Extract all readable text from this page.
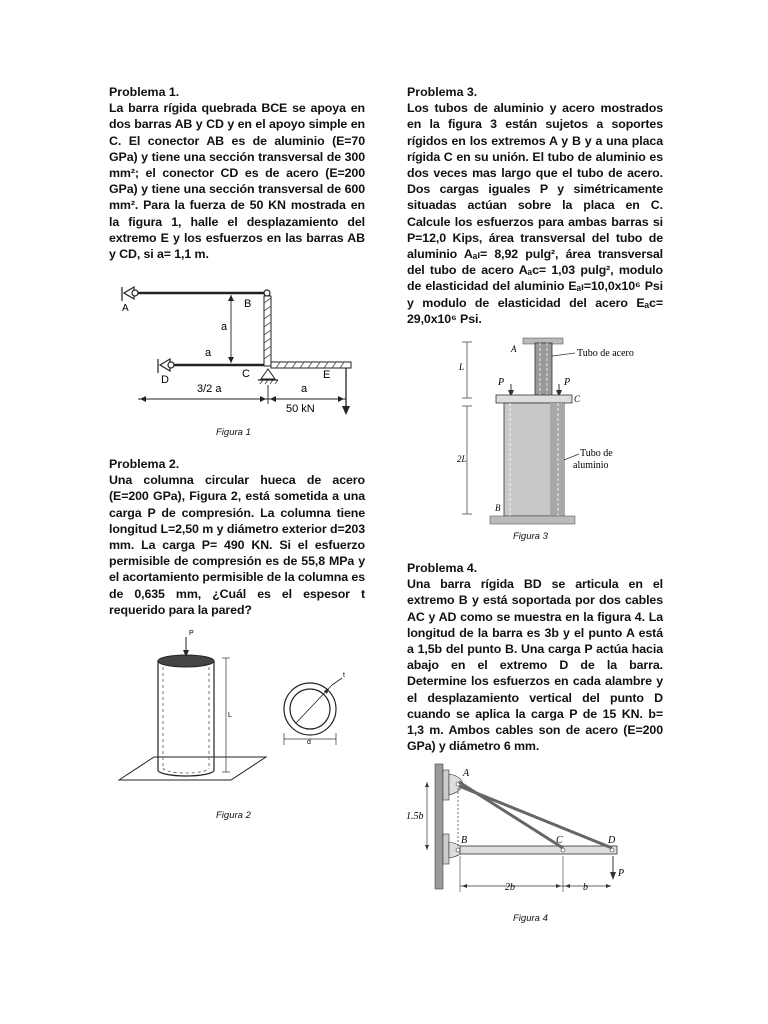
Problema 1.

La barra rígida quebrada BCE se apoya en dos barras AB y CD y en el apoyo simple en C. El conector AB es de aluminio (E=70 GPa) y tiene una sección transversal de 300 mm²; el conector CD es de acero (E=200 GPa) y tiene una sección transversal de 600 mm². Para la fuerza de 50 KN mostrada en la figura 1, halle el desplazamiento del extremo E y los esfuerzos en las barras AB y CD, si a= 1,1 m.

A	B
E
a
a
D	C
3/2 a	a
50 kN
Figura 1

Problema 2.

Una columna circular hueca de acero (E=200 GPa), Figura 2, está sometida a una carga P de compresión. La columna tiene longitud L=2,50 m y diámetro exterior d=203 mm. La carga P= 490 KN. Si el esfuerzo permisible de compresión es de 55,8 MPa y el acortamiento permisible de la columna es de 0,635 mm, ¿Cuál es el espesor t requerido para la pared?

P
L
t
d
Figura 2

Problema 3.

Los tubos de aluminio y acero mostrados en la figura 3 están sujetos a soportes rígidos en los extremos A y B y a una placa rígida C en su unión. El tubo de aluminio es dos veces mas largo que el tubo de acero. Dos cargas iguales P y simétricamente situadas actúan sobre la placa en C. Calcule los esfuerzos para ambas barras si P=12,0 Kips, área transversal del tubo de aluminio Aₐₗ= 8,92 pulg², área transversal del tubo de acero Aₐc= 1,03 pulg², modulo de elasticidad del aluminio Eₐₗ=10,0x10⁶ Psi y modulo de elasticidad del acero Eₐc= 29,0x10⁶ Psi.

A	Tubo de acero
P	P
C
Tubo de
aluminio
B
L
2L
Figura 3

Problema 4.

Una barra rígida BD se articula en el extremo B y está soportada por dos cables AC y AD como se muestra en la figura 4. La longitud de la barra es 3b y el punto A está a 1,5b del punto B. Una carga P actúa hacia abajo en el extremo D de la barra. Determine los esfuerzos en cada alambre y el desplazamiento vertical del punto D cuando se aplica la carga P de 15 KN. b= 1,3 m. Ambos cables son de acero (E=200 GPa) y diámetro 6 mm.

A
B	C	D
P
1.5b
2b	b
Figura 4
